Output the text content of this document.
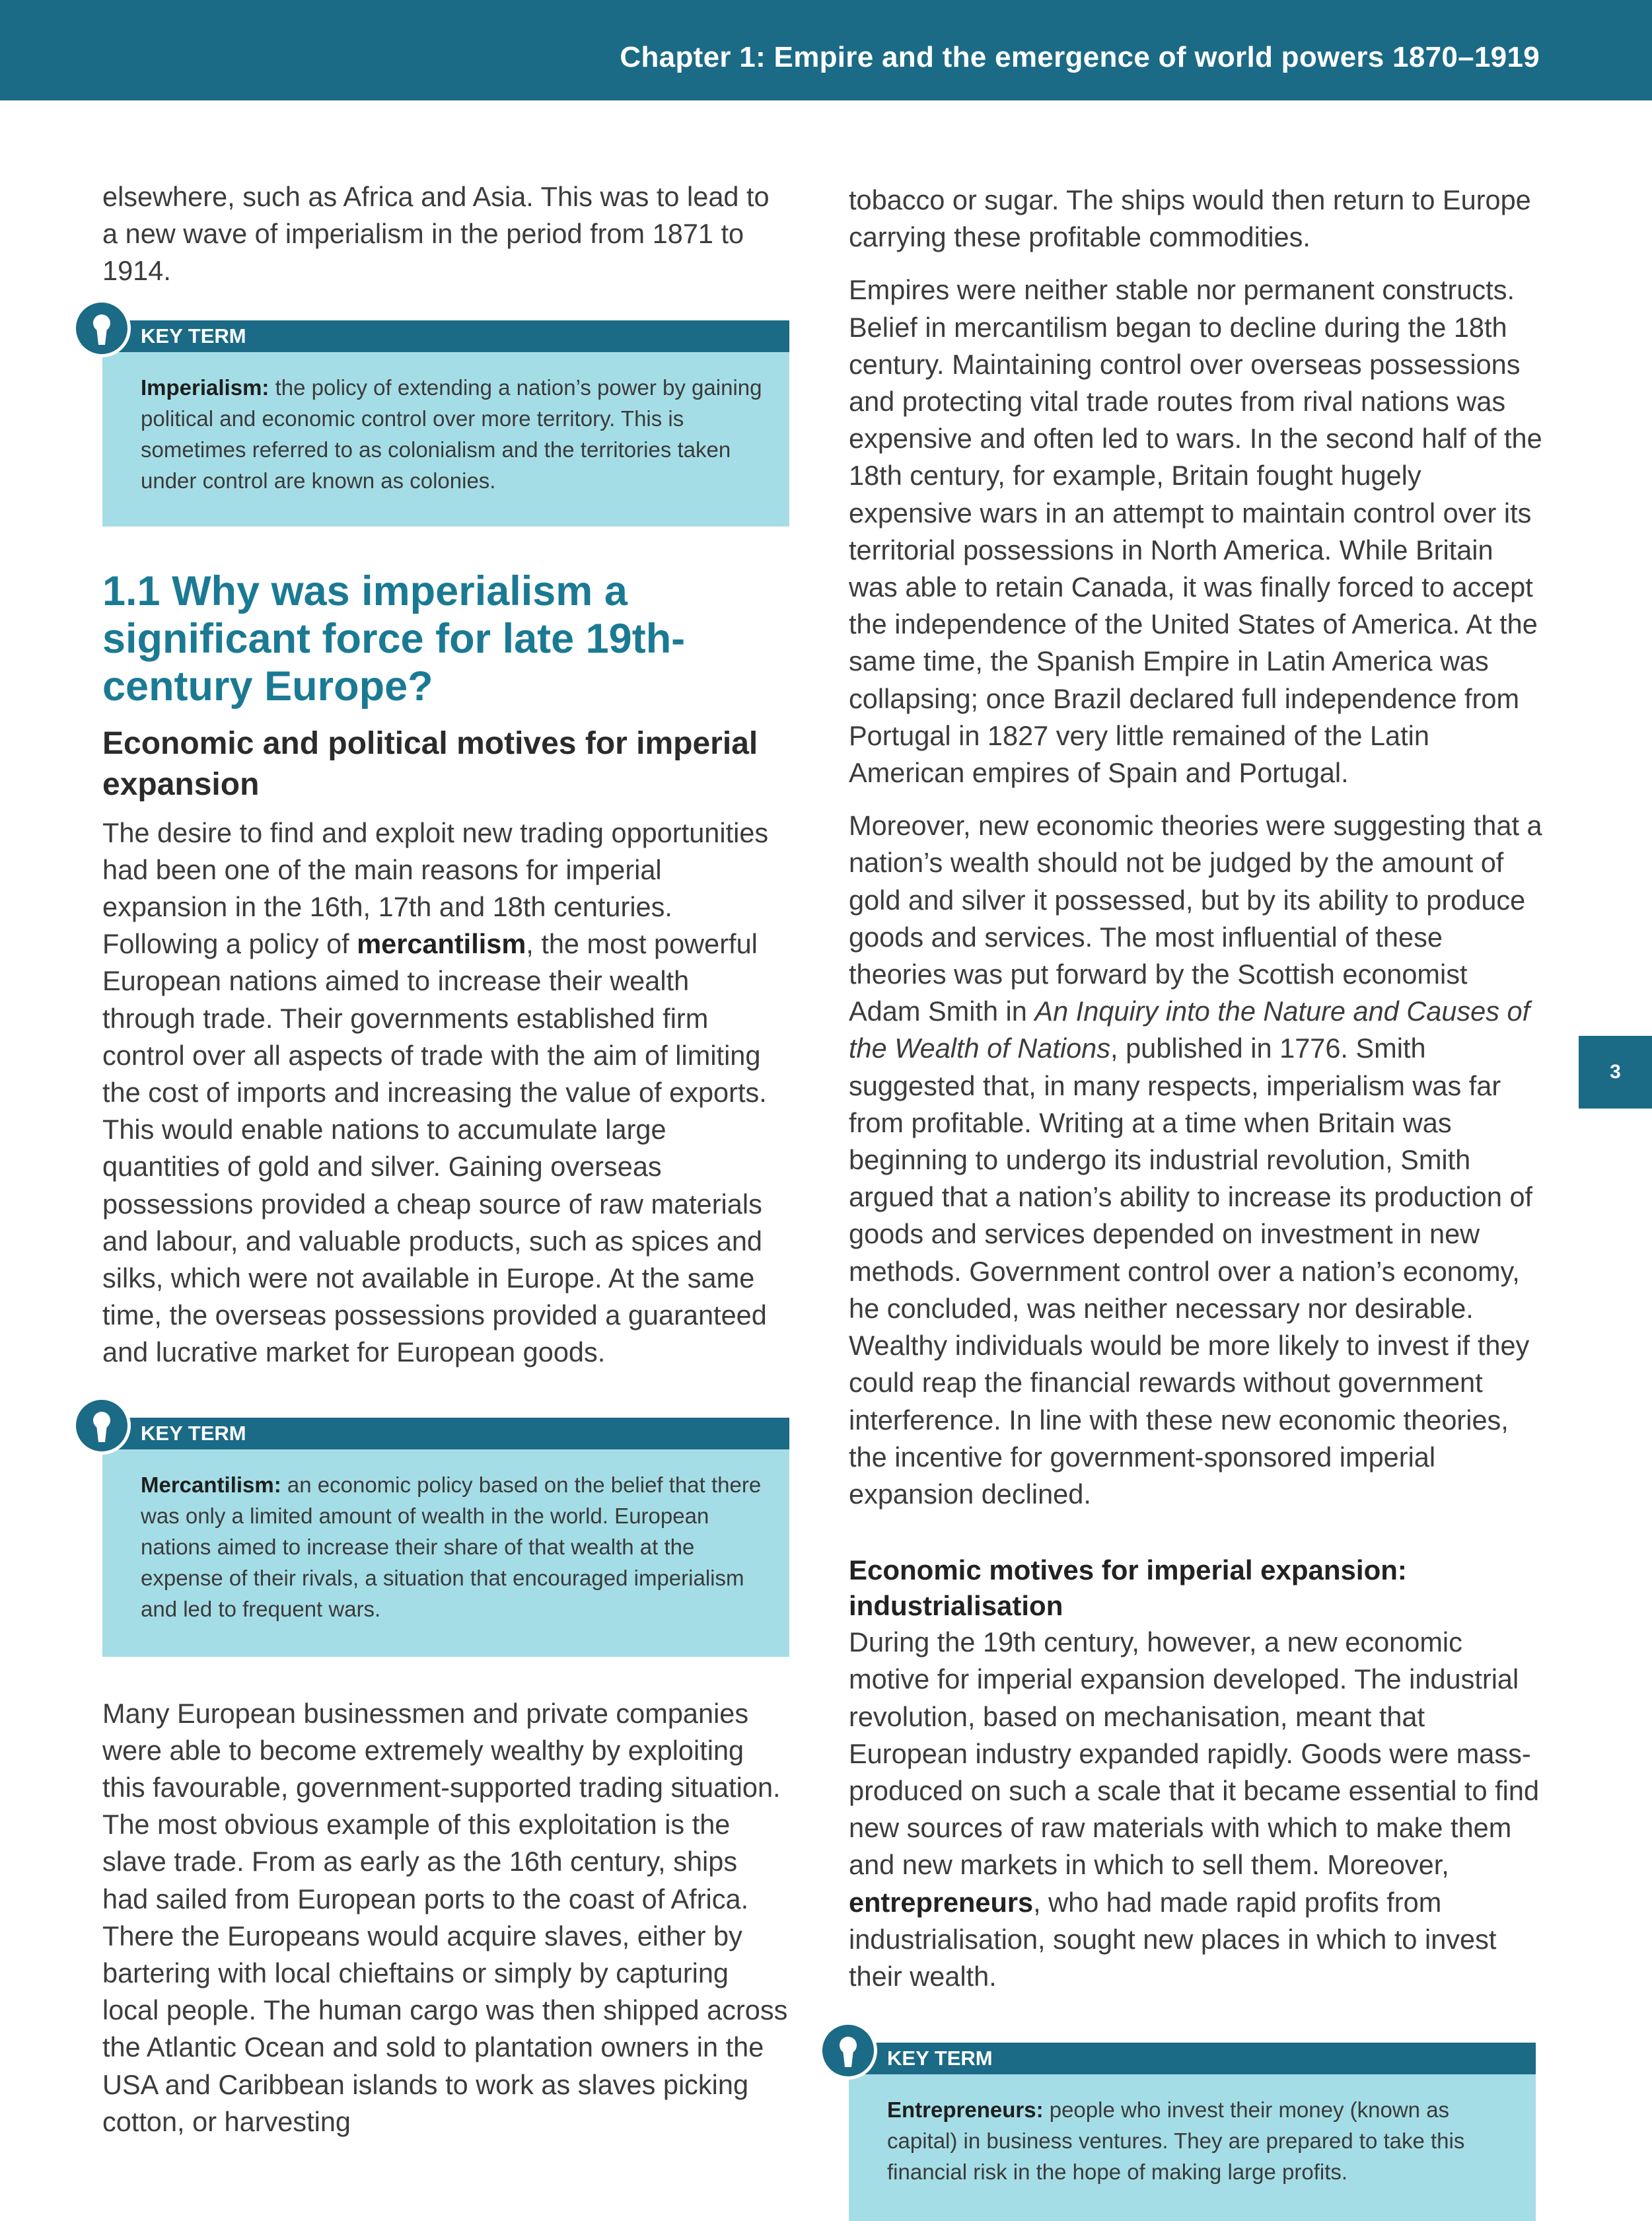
Chapter 1: Empire and the emergence of world powers 1870–1919
3

elsewhere, such as Africa and Asia. This was to lead to a new wave of imperialism in the period from 1871 to 1914.

KEY TERM
Imperialism: the policy of extending a nation’s power by gaining political and economic control over more territory. This is sometimes referred to as colonialism and the territories taken under control are known as colonies.
1.1 Why was imperialism a significant force for late 19th-century Europe?
Economic and political motives for imperial expansion

The desire to find and exploit new trading opportunities had been one of the main reasons for imperial expansion in the 16th, 17th and 18th centuries. Following a policy of mercantilism, the most powerful European nations aimed to increase their wealth through trade. Their governments established firm control over all aspects of trade with the aim of limiting the cost of imports and increasing the value of exports. This would enable nations to accumulate large quantities of gold and silver. Gaining overseas possessions provided a cheap source of raw materials and labour, and valuable products, such as spices and silks, which were not available in Europe. At the same time, the overseas possessions provided a guaranteed and lucrative market for European goods.

KEY TERM
Mercantilism: an economic policy based on the belief that there was only a limited amount of wealth in the world. European nations aimed to increase their share of that wealth at the expense of their rivals, a situation that encouraged imperialism and led to frequent wars.

Many European businessmen and private companies were able to become extremely wealthy by exploiting this favourable, government-supported trading situation. The most obvious example of this exploitation is the slave trade. From as early as the 16th century, ships had sailed from European ports to the coast of Africa. There the Europeans would acquire slaves, either by bartering with local chieftains or simply by capturing local people. The human cargo was then shipped across the Atlantic Ocean and sold to plantation owners in the USA and Caribbean islands to work as slaves picking cotton, or harvesting

tobacco or sugar. The ships would then return to Europe carrying these profitable commodities.

Empires were neither stable nor permanent constructs. Belief in mercantilism began to decline during the 18th century. Maintaining control over overseas possessions and protecting vital trade routes from rival nations was expensive and often led to wars. In the second half of the 18th century, for example, Britain fought hugely expensive wars in an attempt to maintain control over its territorial possessions in North America. While Britain was able to retain Canada, it was finally forced to accept the independence of the United States of America. At the same time, the Spanish Empire in Latin America was collapsing; once Brazil declared full independence from Portugal in 1827 very little remained of the Latin American empires of Spain and Portugal.

Moreover, new economic theories were suggesting that a nation’s wealth should not be judged by the amount of gold and silver it possessed, but by its ability to produce goods and services. The most influential of these theories was put forward by the Scottish economist Adam Smith in An Inquiry into the Nature and Causes of the Wealth of Nations, published in 1776. Smith suggested that, in many respects, imperialism was far from profitable. Writing at a time when Britain was beginning to undergo its industrial revolution, Smith argued that a nation’s ability to increase its production of goods and services depended on investment in new methods. Government control over a nation’s economy, he concluded, was neither necessary nor desirable. Wealthy individuals would be more likely to invest if they could reap the financial rewards without government interference. In line with these new economic theories, the incentive for government-sponsored imperial expansion declined.

Economic motives for imperial expansion: industrialisation

During the 19th century, however, a new economic motive for imperial expansion developed. The industrial revolution, based on mechanisation, meant that European industry expanded rapidly. Goods were mass-produced on such a scale that it became essential to find new sources of raw materials with which to make them and new markets in which to sell them. Moreover, entrepreneurs, who had made rapid profits from industrialisation, sought new places in which to invest their wealth.

KEY TERM
Entrepreneurs: people who invest their money (known as capital) in business ventures. They are prepared to take this financial risk in the hope of making large profits.
